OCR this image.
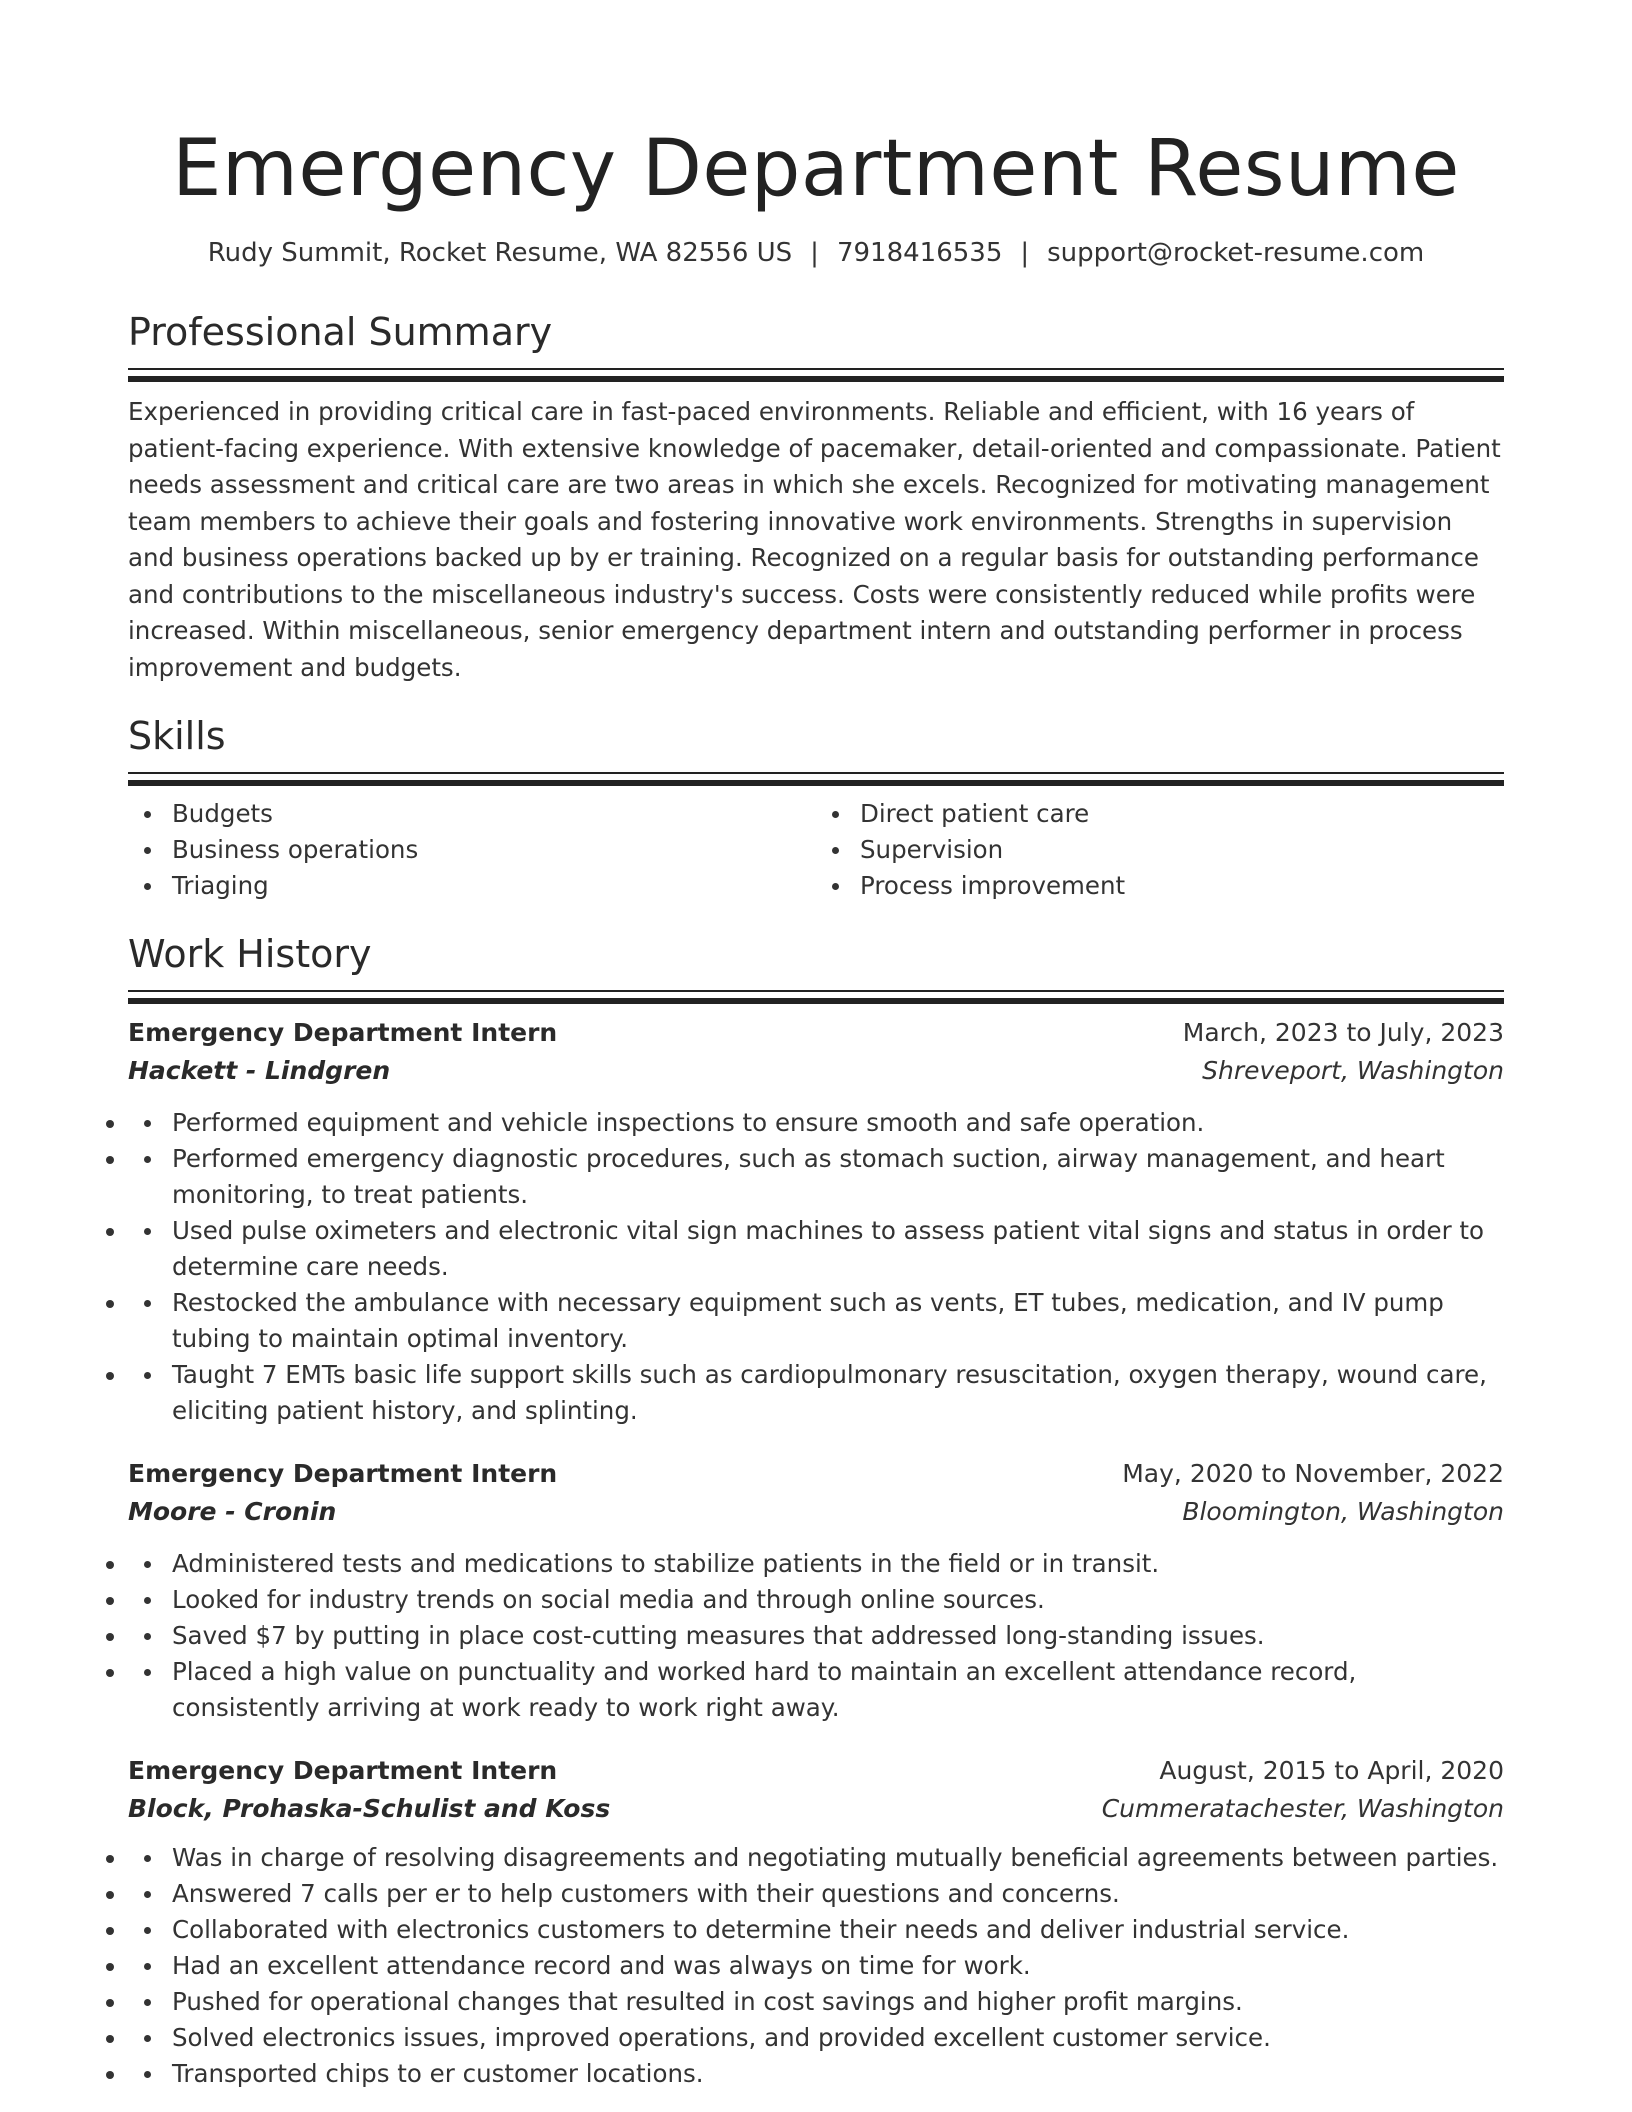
Emergency Department Resume
Rudy Summit, Rocket Resume, WA 82556 US | 7918416535 | support@rocket-resume.com
Professional Summary

Experienced in providing critical care in fast-paced environments. Reliable and efficient, with 16 years of patient-facing experience. With extensive knowledge of pacemaker, detail-oriented and compassionate. Patient needs assessment and critical care are two areas in which she excels. Recognized for motivating management team members to achieve their goals and fostering innovative work environments. Strengths in supervision and business operations backed up by er training. Recognized on a regular basis for outstanding performance and contributions to the miscellaneous industry's success. Costs were consistently reduced while profits were increased. Within miscellaneous, senior emergency department intern and outstanding performer in process improvement and budgets.

Skills
Budgets
Business operations
Triaging
Direct patient care
Supervision
Process improvement
Work History
Emergency Department Intern	March, 2023 to July, 2023
Hackett - Lindgren	Shreveport, Washington
• Performed equipment and vehicle inspections to ensure smooth and safe operation.
• Performed emergency diagnostic procedures, such as stomach suction, airway management, and heart monitoring, to treat patients.
• Used pulse oximeters and electronic vital sign machines to assess patient vital signs and status in order to determine care needs.
• Restocked the ambulance with necessary equipment such as vents, ET tubes, medication, and IV pump tubing to maintain optimal inventory.
• Taught 7 EMTs basic life support skills such as cardiopulmonary resuscitation, oxygen therapy, wound care, eliciting patient history, and splinting.
Emergency Department Intern	May, 2020 to November, 2022
Moore - Cronin	Bloomington, Washington
• Administered tests and medications to stabilize patients in the field or in transit.
• Looked for industry trends on social media and through online sources.
• Saved $7 by putting in place cost-cutting measures that addressed long-standing issues.
• Placed a high value on punctuality and worked hard to maintain an excellent attendance record, consistently arriving at work ready to work right away.
Emergency Department Intern	August, 2015 to April, 2020
Block, Prohaska-Schulist and Koss	Cummeratachester, Washington
• Was in charge of resolving disagreements and negotiating mutually beneficial agreements between parties.
• Answered 7 calls per er to help customers with their questions and concerns.
• Collaborated with electronics customers to determine their needs and deliver industrial service.
• Had an excellent attendance record and was always on time for work.
• Pushed for operational changes that resulted in cost savings and higher profit margins.
• Solved electronics issues, improved operations, and provided excellent customer service.
• Transported chips to er customer locations.
